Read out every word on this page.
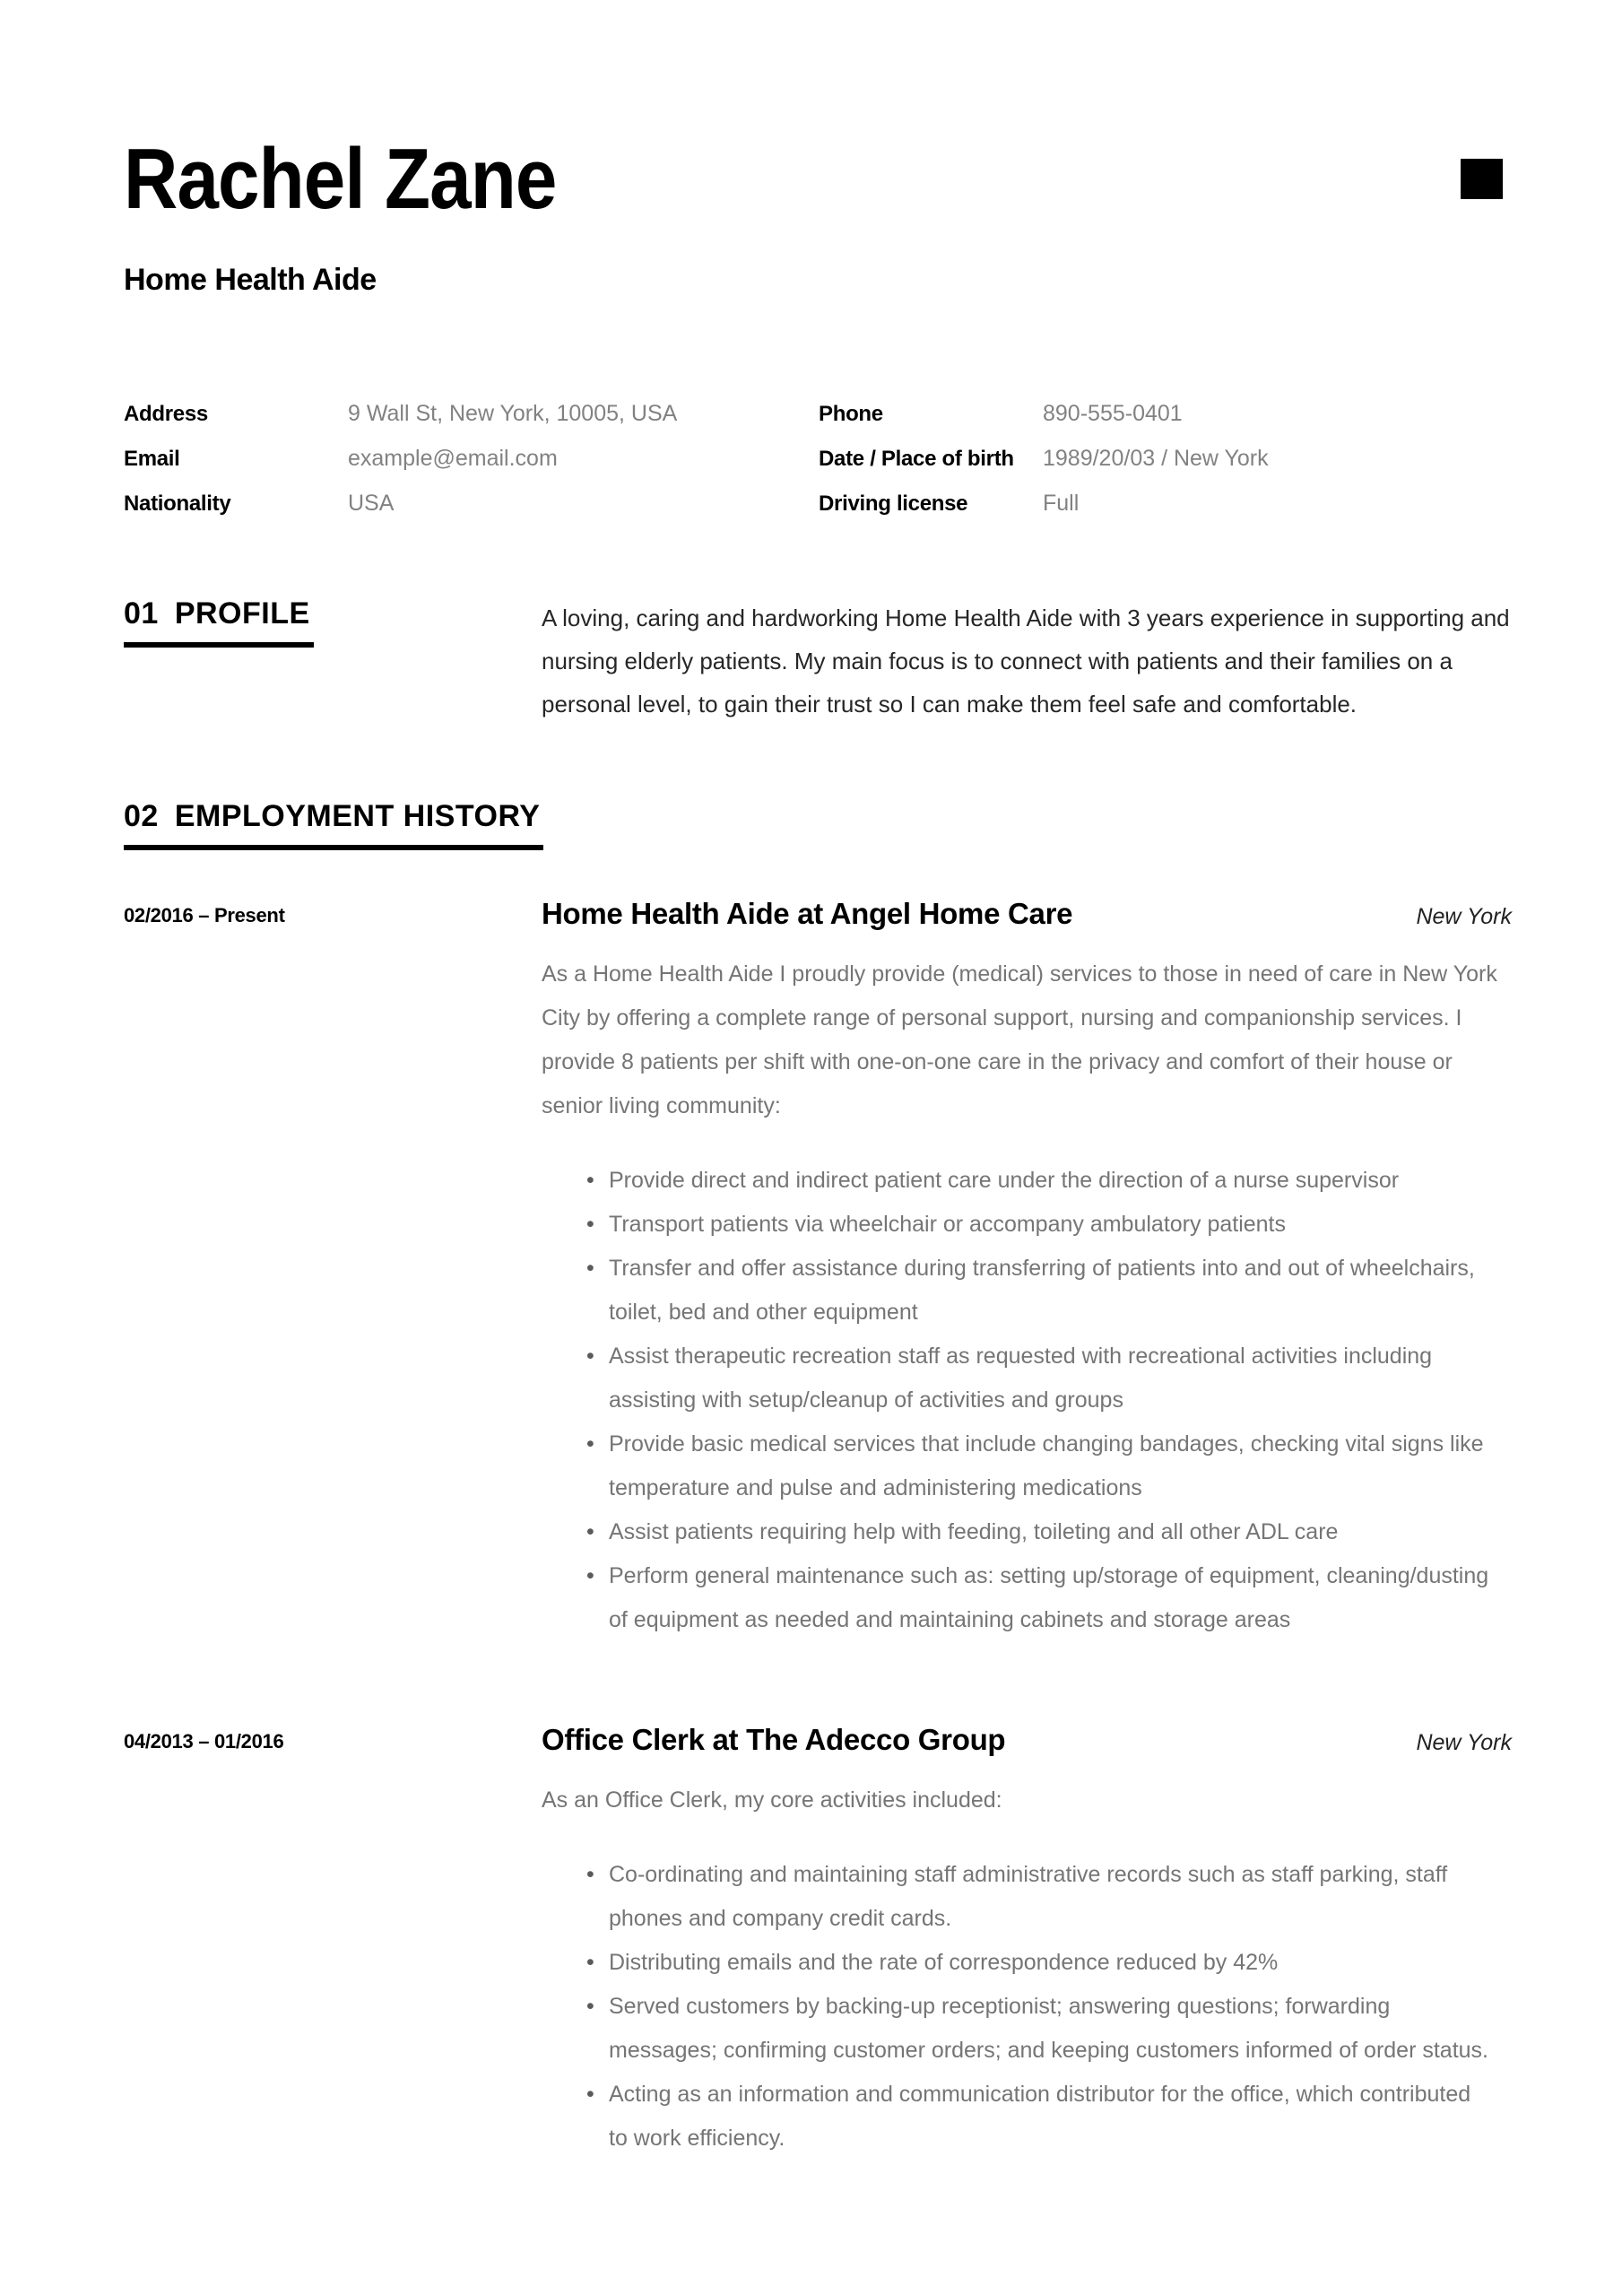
Rachel Zane
Home Health Aide
Address	9 Wall St, New York, 10005, USA
Email	example@email.com
Nationality	USA
Phone	890-555-0401
Date / Place of birth	1989/20/03 / New York
Driving license	Full
01 PROFILE	A loving, caring and hardworking Home Health Aide with 3 years experience in supporting and nursing elderly patients. My main focus is to connect with patients and their families on a personal level, to gain their trust so I can make them feel safe and comfortable.

02 EMPLOYMENT HISTORY
02/2016 – Present	Home Health Aide at Angel Home Care	New York

As a Home Health Aide I proudly provide (medical) services to those in need of care in New York City by offering a complete range of personal support, nursing and companionship services. I provide 8 patients per shift with one-on-one care in the privacy and comfort of their house or senior living community:

• Provide direct and indirect patient care under the direction of a nurse supervisor
• Transport patients via wheelchair or accompany ambulatory patients
• Transfer and offer assistance during transferring of patients into and out of wheelchairs, toilet, bed and other equipment
• Assist therapeutic recreation staff as requested with recreational activities including assisting with setup/cleanup of activities and groups
• Provide basic medical services that include changing bandages, checking vital signs like temperature and pulse and administering medications
• Assist patients requiring help with feeding, toileting and all other ADL care
• Perform general maintenance such as: setting up/storage of equipment, cleaning/dusting of equipment as needed and maintaining cabinets and storage areas
04/2013 – 01/2016	Office Clerk at The Adecco Group	New York

As an Office Clerk, my core activities included:

• Co-ordinating and maintaining staff administrative records such as staff parking, staff phones and company credit cards.
• Distributing emails and the rate of correspondence reduced by 42%
• Served customers by backing-up receptionist; answering questions; forwarding messages; confirming customer orders; and keeping customers informed of order status.
• Acting as an information and communication distributor for the office, which contributed to work efficiency.
